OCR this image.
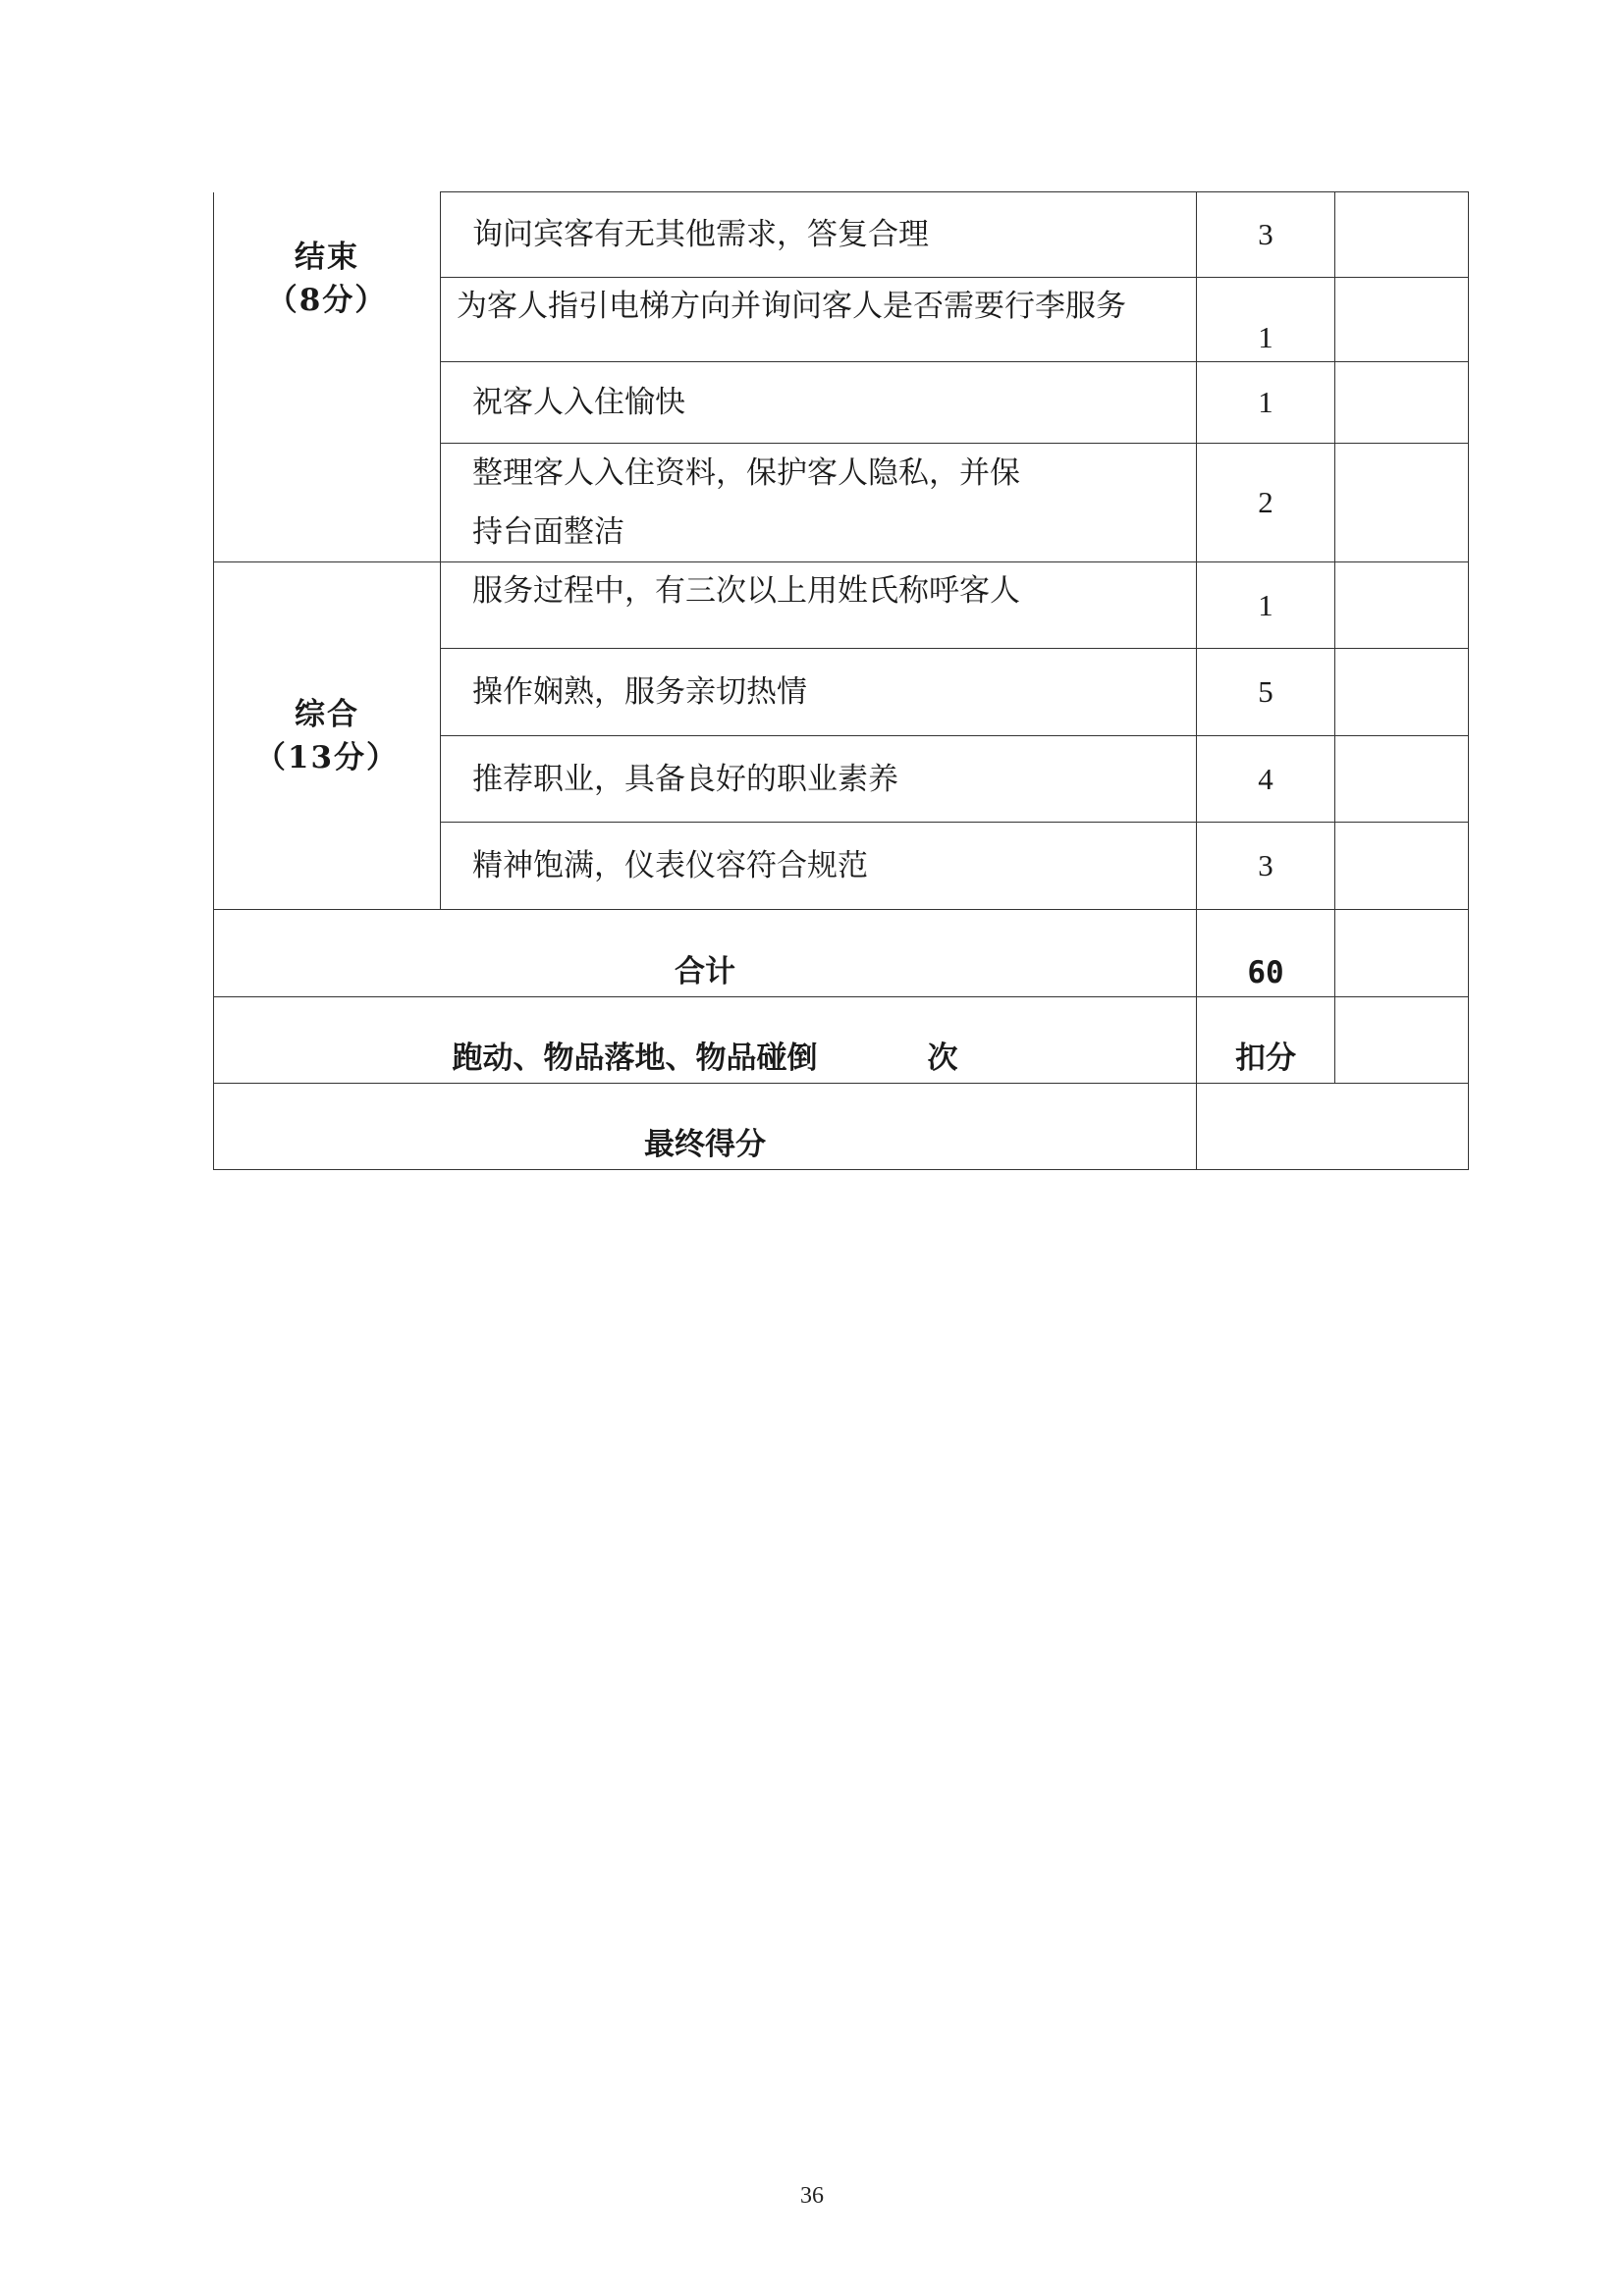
结束
（8分）	询问宾客有无其他需求，答复合理	3	
	为客人指引电梯方向并询问客人是否需要行李服务	1	
	祝客人入住愉快	1	

	整理客人入住资料，保护客人隐私，并保
持台面整洁	2	

综合
（13分）	服务过程中，有三次以上用姓氏称呼客人	1	
	操作娴熟，服务亲切热情	5	
	推荐职业，具备良好的职业素养	4	
	精神饱满，仪表仪容符合规范	3	
合计		60	
跑动、物品落地、物品碰倒 次		扣分	
最终得分			
36
